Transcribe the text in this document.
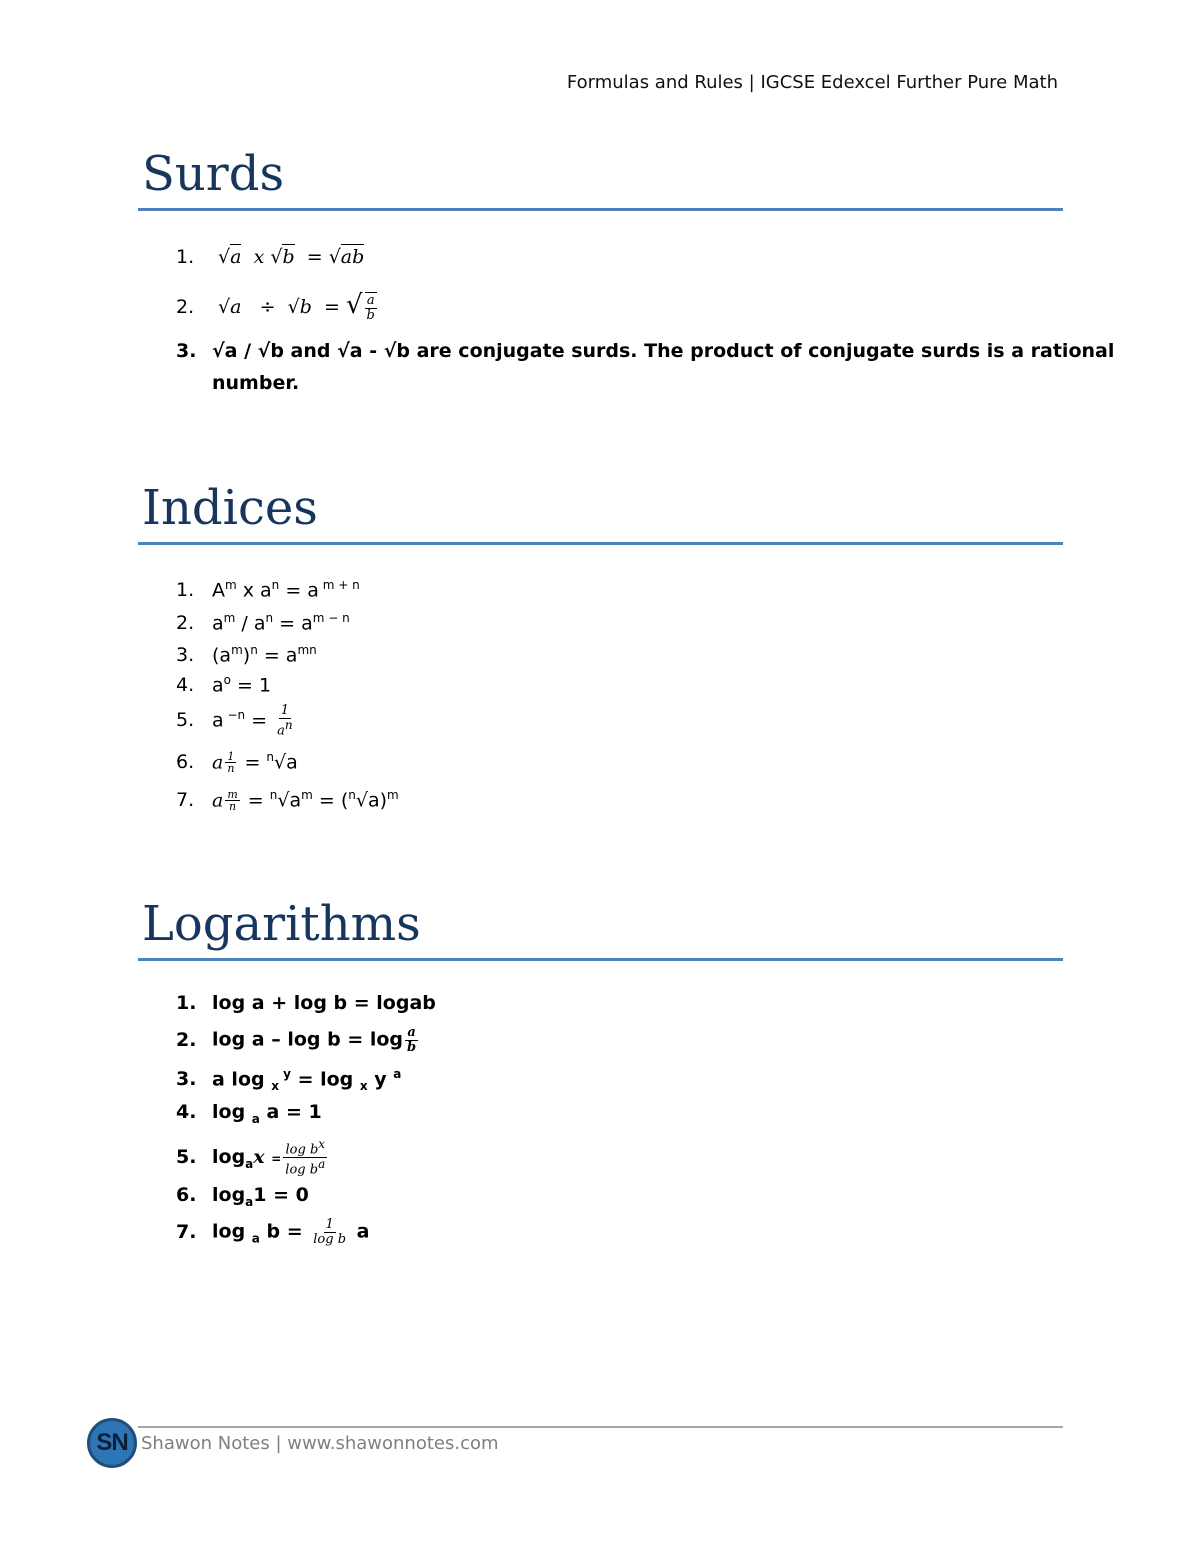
Formulas and Rules | IGCSE Edexcel Further Pure Math
Surds
1. √a x √b = √ab
2. √a ÷ √b = √ $\frac{a}{b}$
3. √a / √b and √a - √b are conjugate surds. The product of conjugate surds is a rational
number.
Indices
1. $A^m$ x $a^n = a$ $^{m + n}$
2. $a^m / a^n = a^{m - n}$
3. $(a^m)^n = a^{mn}$
4. $a^o = 1$
5. a $^{-n} = \frac{1}{a^n}$
6. a $\frac{1}{n} = ^n√a$
7. a $\frac{m}{n} = ^n√a^m = (^n√a)^m$
Logarithms
1. log a + log b = logab
2. $\log a - \log b = \log \frac{a}{b}$
3. a log $_x$ $^y$ = log $_x$ y $^a$
4. log $_a$ a = 1
5. $\log_ax = \frac{\log b^x}{\log b^a}$
6. $\log_a1 = 0$
7. log $_a$ $b = \frac{1}{\text{log b}}$ a
SN Shawon Notes | www.shawonnotes.com
